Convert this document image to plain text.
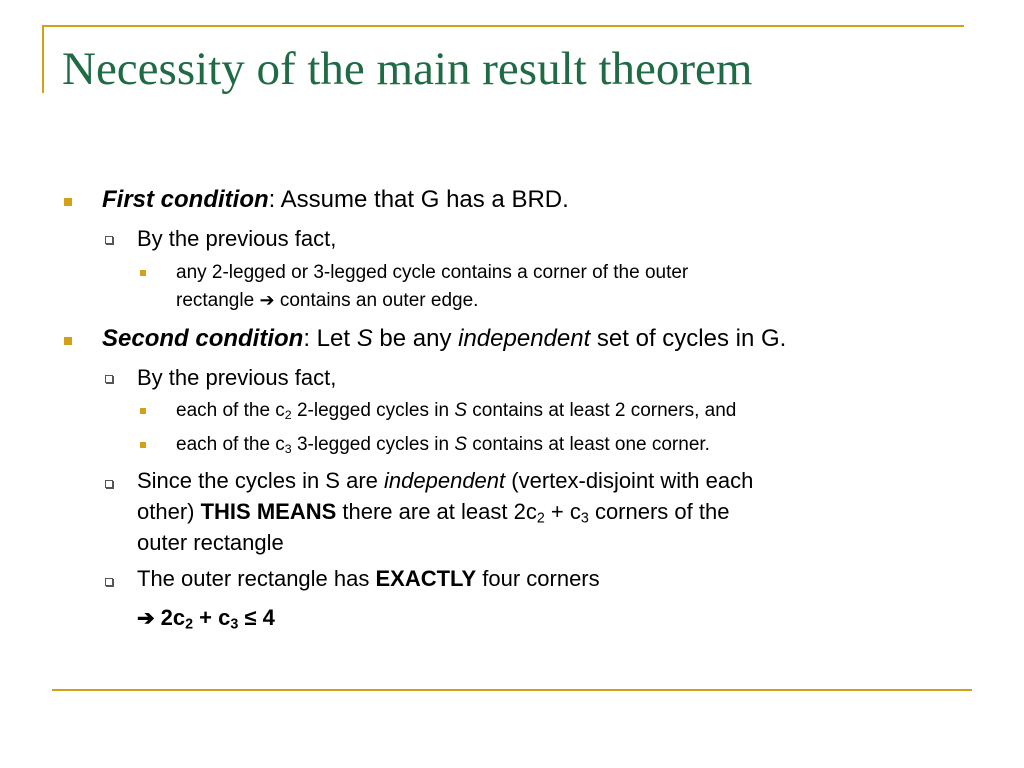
Necessity of the main result theorem
First condition: Assume that G has a BRD.
By the previous fact,
any 2-legged or 3-legged cycle contains a corner of the outer
rectangle ➔ contains an outer edge.
Second condition: Let S be any independent set of cycles in G.
By the previous fact,
each of the $c_2$ 2-legged cycles in S contains at least 2 corners, and
each of the $c_3$ 3-legged cycles in S contains at least one corner.
Since the cycles in S are independent (vertex-disjoint with each
other) THIS MEANS there are at least $2c_2 + c_3$ corners of the
outer rectangle
The outer rectangle has EXACTLY four corners
➔ $2c_2 + c_3 \le 4$
